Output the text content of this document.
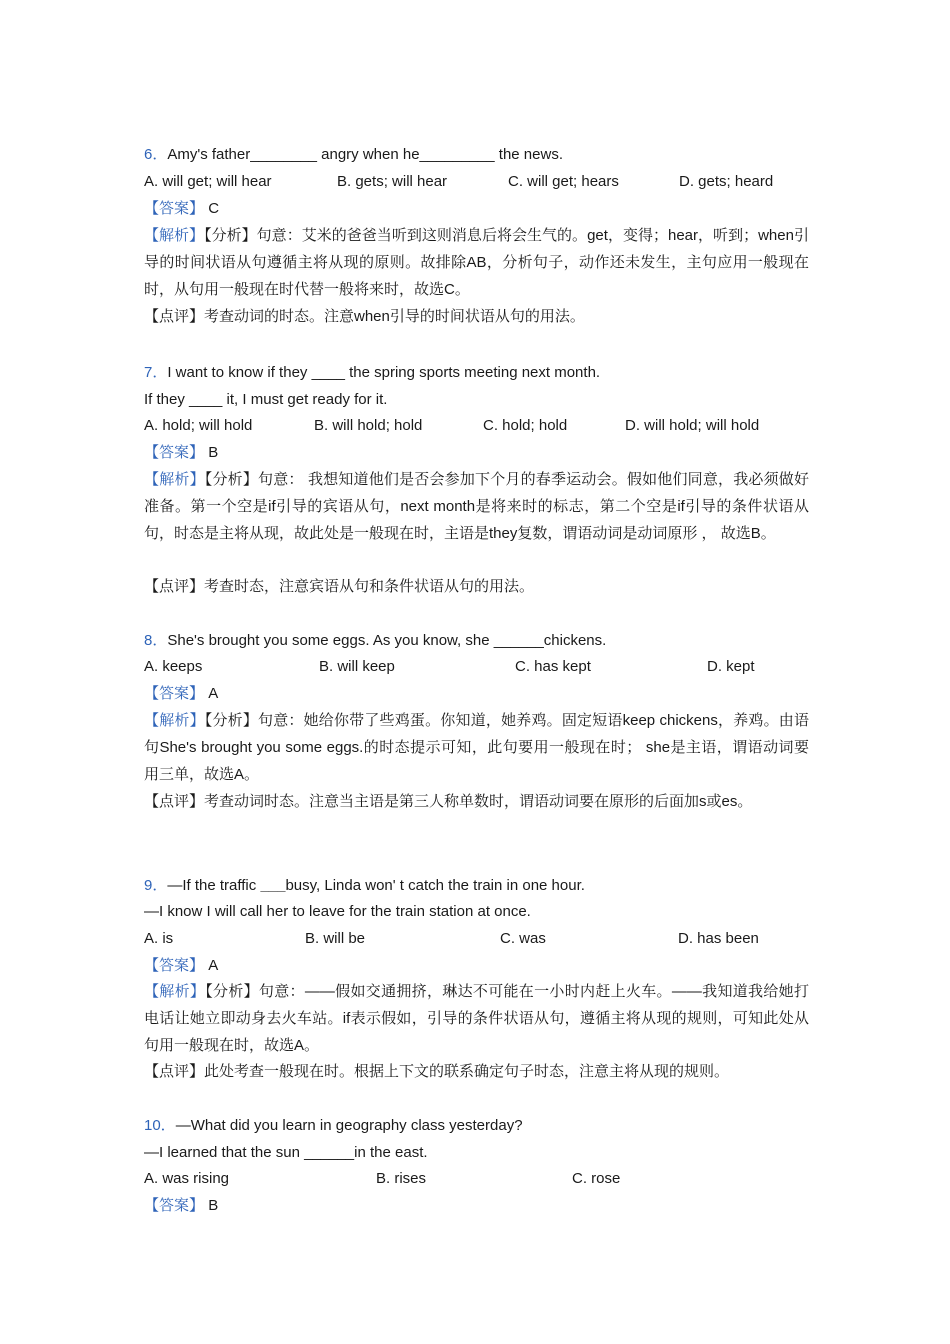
6．Amy's father________ angry when he_________ the news.
A. will get; will hear	B. gets; will hear	C. will get; hears	D. gets; heard
【答案】 C
【解析】【分析】句意：艾米的爸爸当听到这则消息后将会生气的。get，变得；hear，听到；when引导的时间状语从句遵循主将从现的原则。故排除AB，分析句子，动作还未发生，主句应用一般现在时，从句用一般现在时代替一般将来时，故选C。
【点评】考查动词的时态。注意when引导的时间状语从句的用法。
7．I want to know if they ____ the spring sports meeting next month.
If they ____ it, I must get ready for it.
A. hold; will hold	B. will hold; hold	C. hold; hold	D. will hold; will hold
【答案】 B
【解析】【分析】句意： 我想知道他们是否会参加下个月的春季运动会。假如他们同意，我必须做好准备。第一个空是if引导的宾语从句，next month是将来时的标志，第二个空是if引导的条件状语从句，时态是主将从现，故此处是一般现在时，主语是they复数，谓语动词是动词原形 ， 故选B。
【点评】考查时态，注意宾语从句和条件状语从句的用法。
8．She's brought you some eggs. As you know, she ______chickens.
A. keeps	B. will keep	C. has kept	D. kept
【答案】 A
【解析】【分析】句意：她给你带了些鸡蛋。你知道，她养鸡。固定短语keep chickens，养鸡。由语句She's brought you some eggs.的时态提示可知，此句要用一般现在时； she是主语，谓语动词要用三单，故选A。
【点评】考查动词时态。注意当主语是第三人称单数时，谓语动词要在原形的后面加s或es。
9．—If the traffic ___busy, Linda won' t catch the train in one hour.
—I know I will call her to leave for the train station at once.
A. is	B. will be	C. was	D. has been
【答案】 A
【解析】【分析】句意：——假如交通拥挤，琳达不可能在一小时内赶上火车。——我知道我给她打电话让她立即动身去火车站。if表示假如，引导的条件状语从句，遵循主将从现的规则，可知此处从句用一般现在时，故选A。
【点评】此处考查一般现在时。根据上下文的联系确定句子时态，注意主将从现的规则。
10．—What did you learn in geography class yesterday?
—I learned that the sun ______in the east.
A. was rising	B. rises	C. rose
【答案】 B
